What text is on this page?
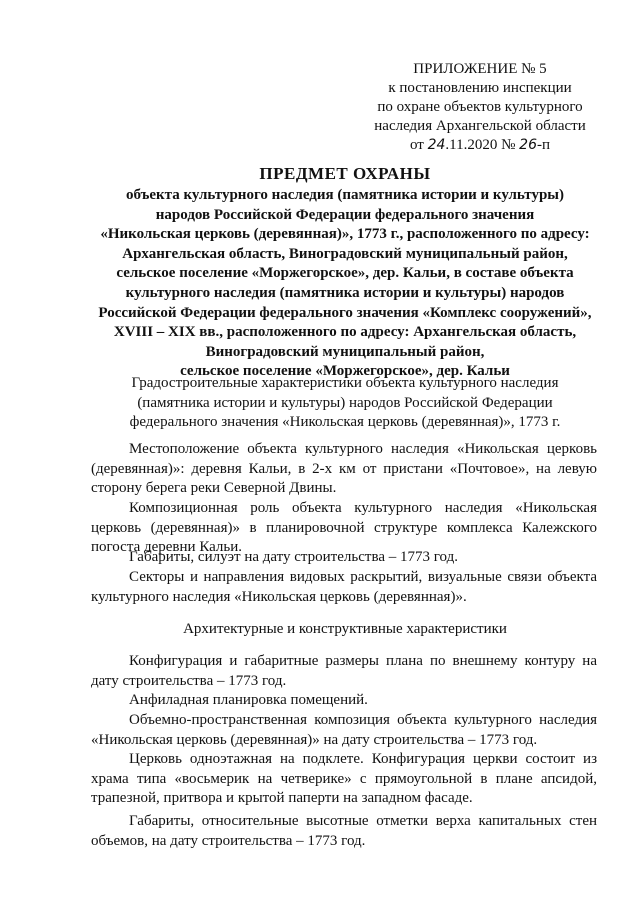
ПРИЛОЖЕНИЕ № 5
к постановлению инспекции
по охране объектов культурного
наследия Архангельской области
от 24.11.2020 № 26-п
ПРЕДМЕТ ОХРАНЫ
объекта культурного наследия (памятника истории и культуры)
народов Российской Федерации федерального значения
«Никольская церковь (деревянная)», 1773 г., расположенного по адресу:
Архангельская область, Виноградовский муниципальный район,
сельское поселение «Моржегорское», дер. Кальи, в составе объекта
культурного наследия (памятника истории и культуры) народов
Российской Федерации федерального значения «Комплекс сооружений»,
XVIII – XIX вв., расположенного по адресу: Архангельская область,
Виноградовский муниципальный район,
сельское поселение «Моржегорское», дер. Кальи
Градостроительные характеристики объекта культурного наследия
(памятника истории и культуры) народов Российской Федерации
федерального значения «Никольская церковь (деревянная)», 1773 г.
Местоположение объекта культурного наследия «Никольская церковь (деревянная)»: деревня Кальи, в 2-х км от пристани «Почтовое», на левую сторону берега реки Северной Двины.
Композиционная роль объекта культурного наследия «Никольская церковь (деревянная)» в планировочной структуре комплекса Калежского погоста деревни Кальи.
Габариты, силуэт на дату строительства – 1773 год.
Секторы и направления видовых раскрытий, визуальные связи объекта культурного наследия «Никольская церковь (деревянная)».
Архитектурные и конструктивные характеристики
Конфигурация и габаритные размеры плана по внешнему контуру на дату строительства – 1773 год.
Анфиладная планировка помещений.
Объемно-пространственная композиция объекта культурного наследия «Никольская церковь (деревянная)» на дату строительства – 1773 год.
Церковь одноэтажная на подклете. Конфигурация церкви состоит из храма типа «восьмерик на четверике» с прямоугольной в плане апсидой, трапезной, притвора и крытой паперти на западном фасаде.
Габариты, относительные высотные отметки верха капитальных стен объемов, на дату строительства – 1773 год.
